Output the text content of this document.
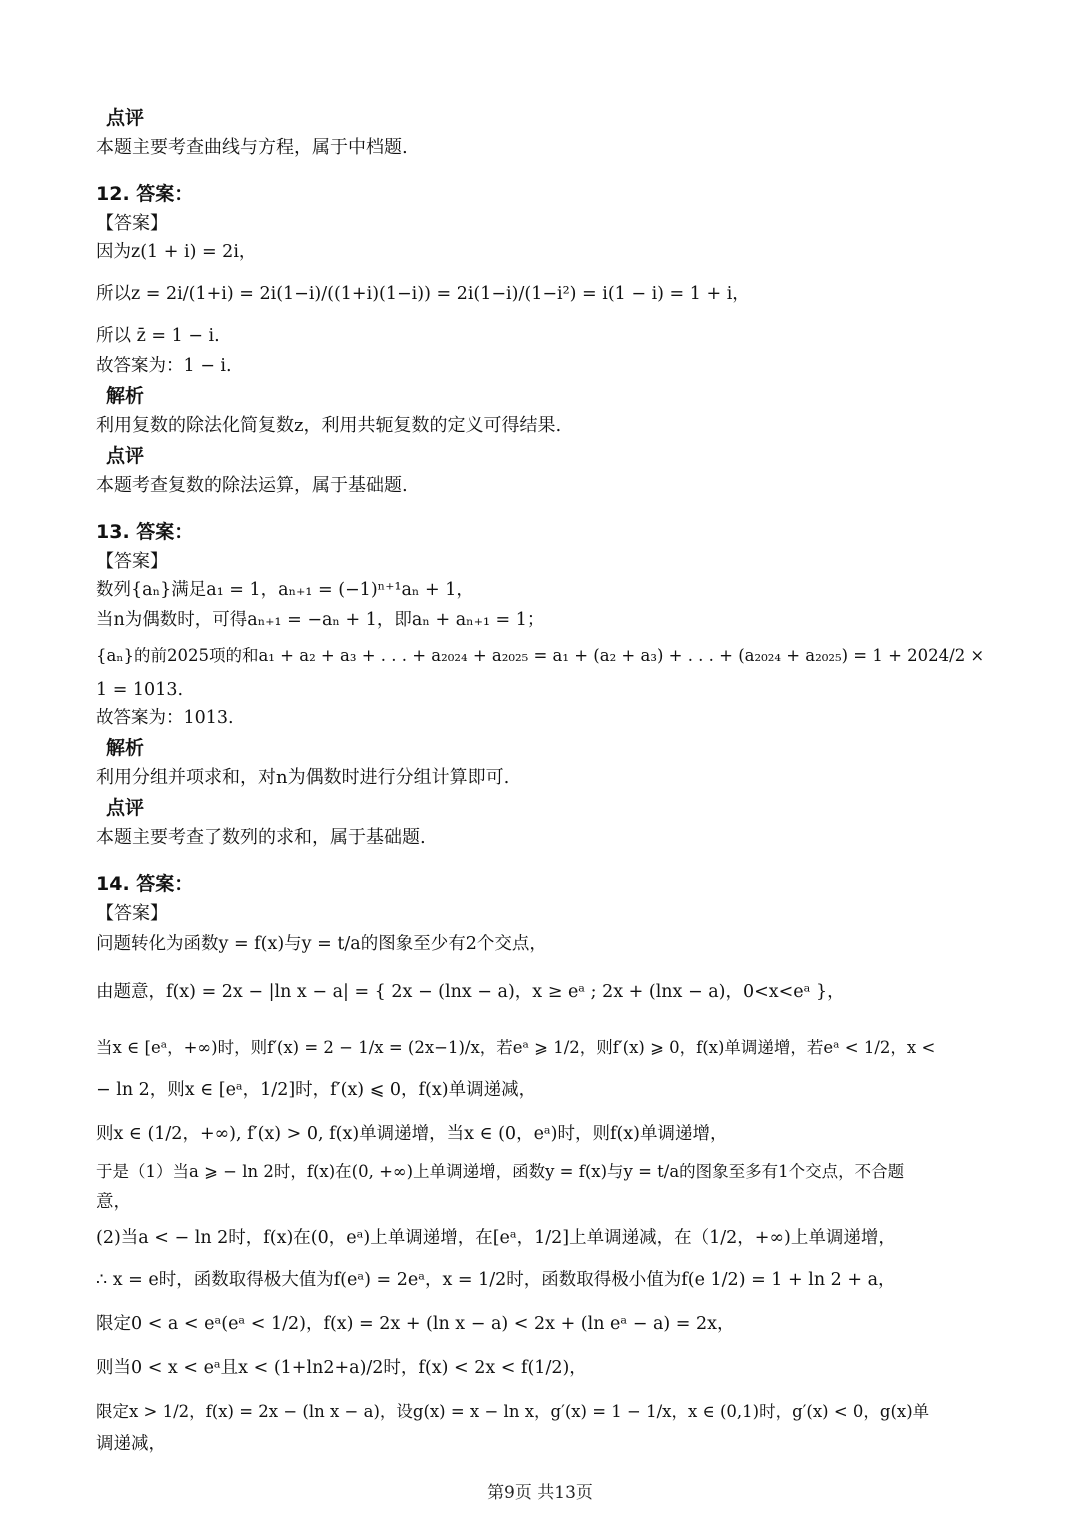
点评
本题主要考查曲线与方程，属于中档题.
12. 答案：
【答案】
因为z(1 + i) = 2i，
所以z = 2i/(1+i) = 2i(1−i)/((1+i)(1−i)) = 2i(1−i)/(1−i²) = i(1 − i) = 1 + i，
所以 z̄ = 1 − i.
故答案为：1 − i.
解析
利用复数的除法化简复数z，利用共轭复数的定义可得结果.
点评
本题考查复数的除法运算，属于基础题.
13. 答案：
【答案】
数列{aₙ}满足a₁ = 1，aₙ₊₁ = (−1)ⁿ⁺¹aₙ + 1，
当n为偶数时，可得aₙ₊₁ = −aₙ + 1，即aₙ + aₙ₊₁ = 1；
{aₙ}的前2025项的和a₁ + a₂ + a₃ + . . . + a₂₀₂₄ + a₂₀₂₅ = a₁ + (a₂ + a₃) + . . . + (a₂₀₂₄ + a₂₀₂₅) = 1 + 2024/2 ×
1 = 1013.
故答案为：1013.
解析
利用分组并项求和，对n为偶数时进行分组计算即可.
点评
本题主要考查了数列的求和，属于基础题.
14. 答案：
【答案】
问题转化为函数y = f(x)与y = t/a的图象至少有2个交点，
由题意，f(x) = 2x − |ln x − a| = { 2x − (lnx − a)，x ≥ eᵃ ; 2x + (lnx − a)，0<x<eᵃ }，
当x ∈ [eᵃ，+∞)时，则f′(x) = 2 − 1/x = (2x−1)/x，若eᵃ ⩾ 1/2，则f′(x) ⩾ 0，f(x)单调递增，若eᵃ < 1/2，x <
− ln 2，则x ∈ [eᵃ，1/2]时，f′(x) ⩽ 0，f(x)单调递减，
则x ∈ (1/2，+∞), f′(x) > 0, f(x)单调递增，当x ∈ (0，eᵃ)时，则f(x)单调递增，
于是（1）当a ⩾ − ln 2时，f(x)在(0, +∞)上单调递增，函数y = f(x)与y = t/a的图象至多有1个交点，不合题
意，
(2)当a < − ln 2时，f(x)在(0，eᵃ)上单调递增，在[eᵃ，1/2]上单调递减，在（1/2，+∞)上单调递增，
∴ x = e时，函数取得极大值为f(eᵃ) = 2eᵃ，x = 1/2时，函数取得极小值为f(e 1/2) = 1 + ln 2 + a，
限定0 < a < eᵃ(eᵃ < 1/2)，f(x) = 2x + (ln x − a) < 2x + (ln eᵃ − a) = 2x，
则当0 < x < eᵃ且x < (1+ln2+a)/2时，f(x) < 2x < f(1/2)，
限定x > 1/2，f(x) = 2x − (ln x − a)，设g(x) = x − ln x，g′(x) = 1 − 1/x，x ∈ (0,1)时，g′(x) < 0，g(x)单
调递减，
第9页 共13页
